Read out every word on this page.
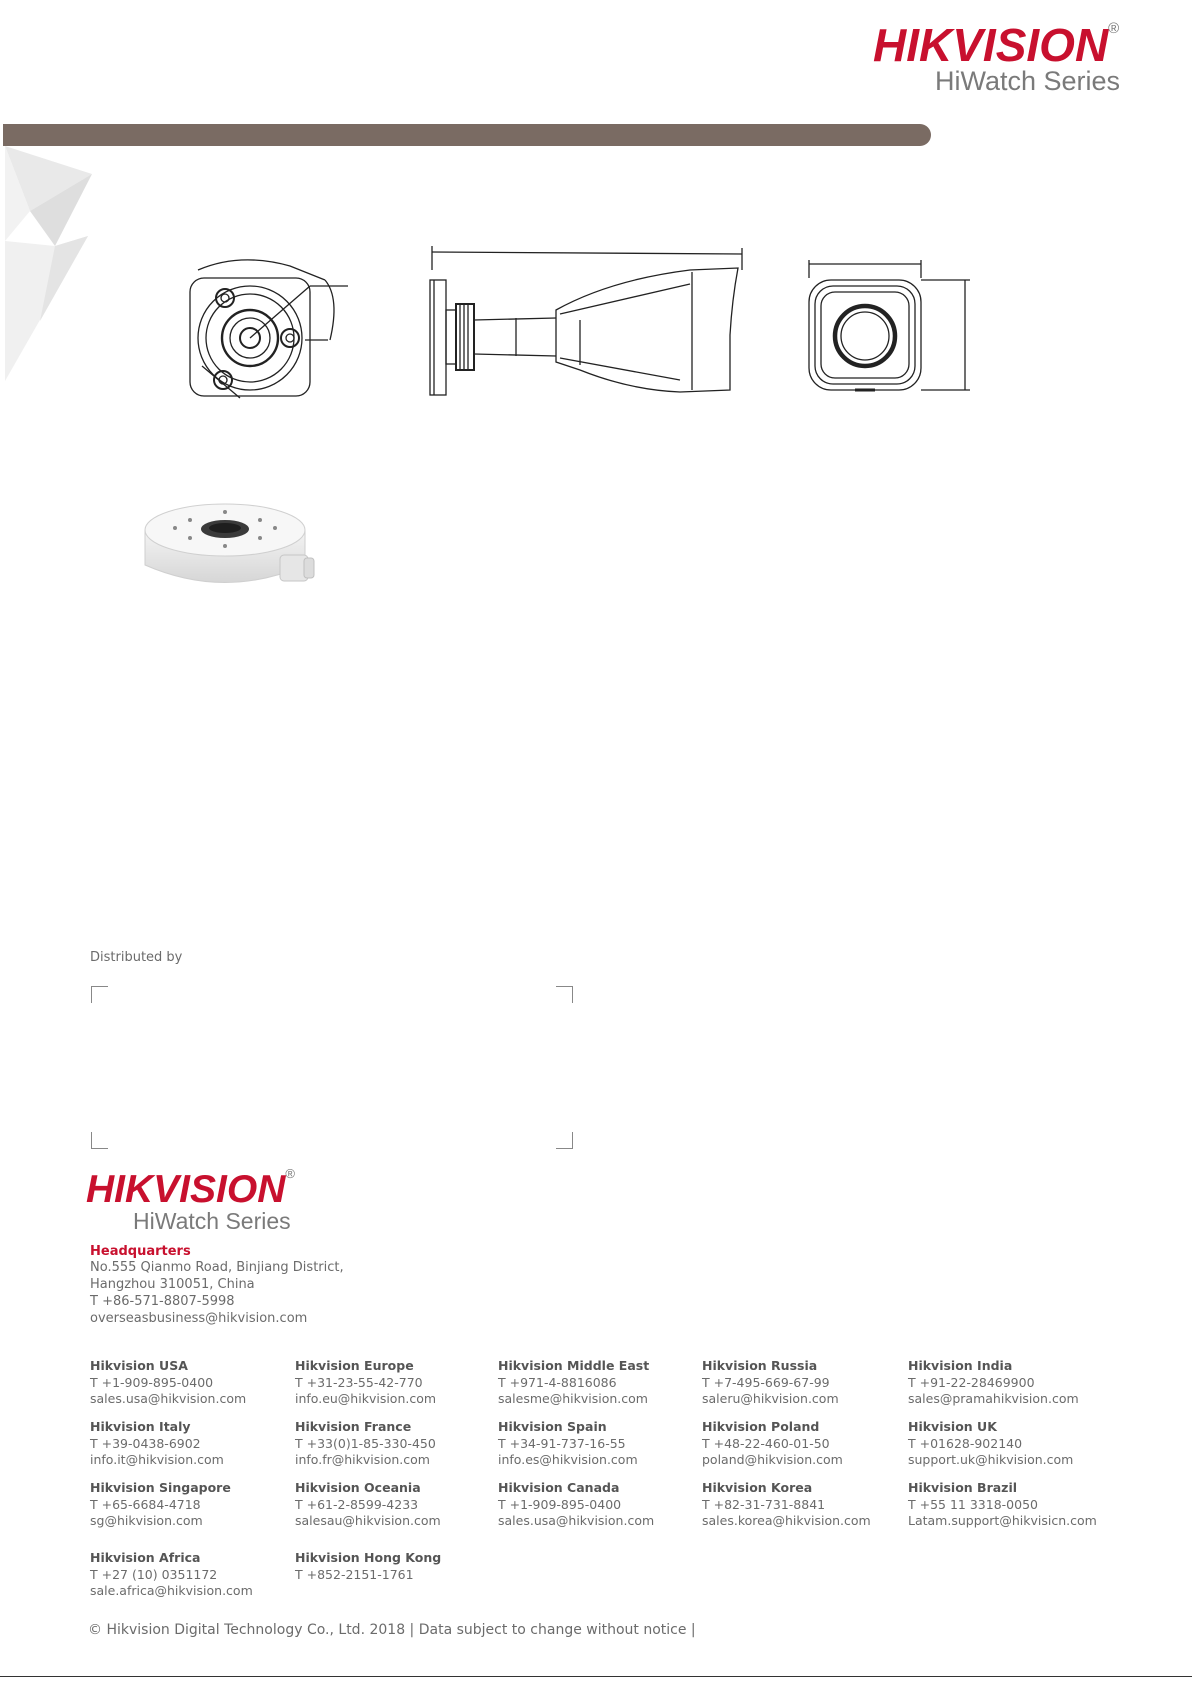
HIKVISION®
HiWatch Series
Distributed by
HIKVISION®
HiWatch Series
Headquarters
No.555 Qianmo Road, Binjiang District,
Hangzhou 310051, China
T +86-571-8807-5998
overseasbusiness@hikvision.com
Hikvision USA
T +1-909-895-0400
sales.usa@hikvision.com
Hikvision Europe
T +31-23-55-42-770
info.eu@hikvision.com
Hikvision Middle East
T +971-4-8816086
salesme@hikvision.com
Hikvision Russia
T +7-495-669-67-99
saleru@hikvision.com
Hikvision India
T +91-22-28469900
sales@pramahikvision.com
Hikvision Italy
T +39-0438-6902
info.it@hikvision.com
Hikvision France
T +33(0)1-85-330-450
info.fr@hikvision.com
Hikvision Spain
T +34-91-737-16-55
info.es@hikvision.com
Hikvision Poland
T +48-22-460-01-50
poland@hikvision.com
Hikvision UK
T +01628-902140
support.uk@hikvision.com
Hikvision Singapore
T +65-6684-4718
sg@hikvision.com
Hikvision Oceania
T +61-2-8599-4233
salesau@hikvision.com
Hikvision Canada
T +1-909-895-0400
sales.usa@hikvision.com
Hikvision Korea
T +82-31-731-8841
sales.korea@hikvision.com
Hikvision Brazil
T +55 11 3318-0050
Latam.support@hikvisicn.com
Hikvision Africa
T +27 (10) 0351172
sale.africa@hikvision.com
Hikvision Hong Kong
T +852-2151-1761
© Hikvision Digital Technology Co., Ltd. 2018 | Data subject to change without notice |
